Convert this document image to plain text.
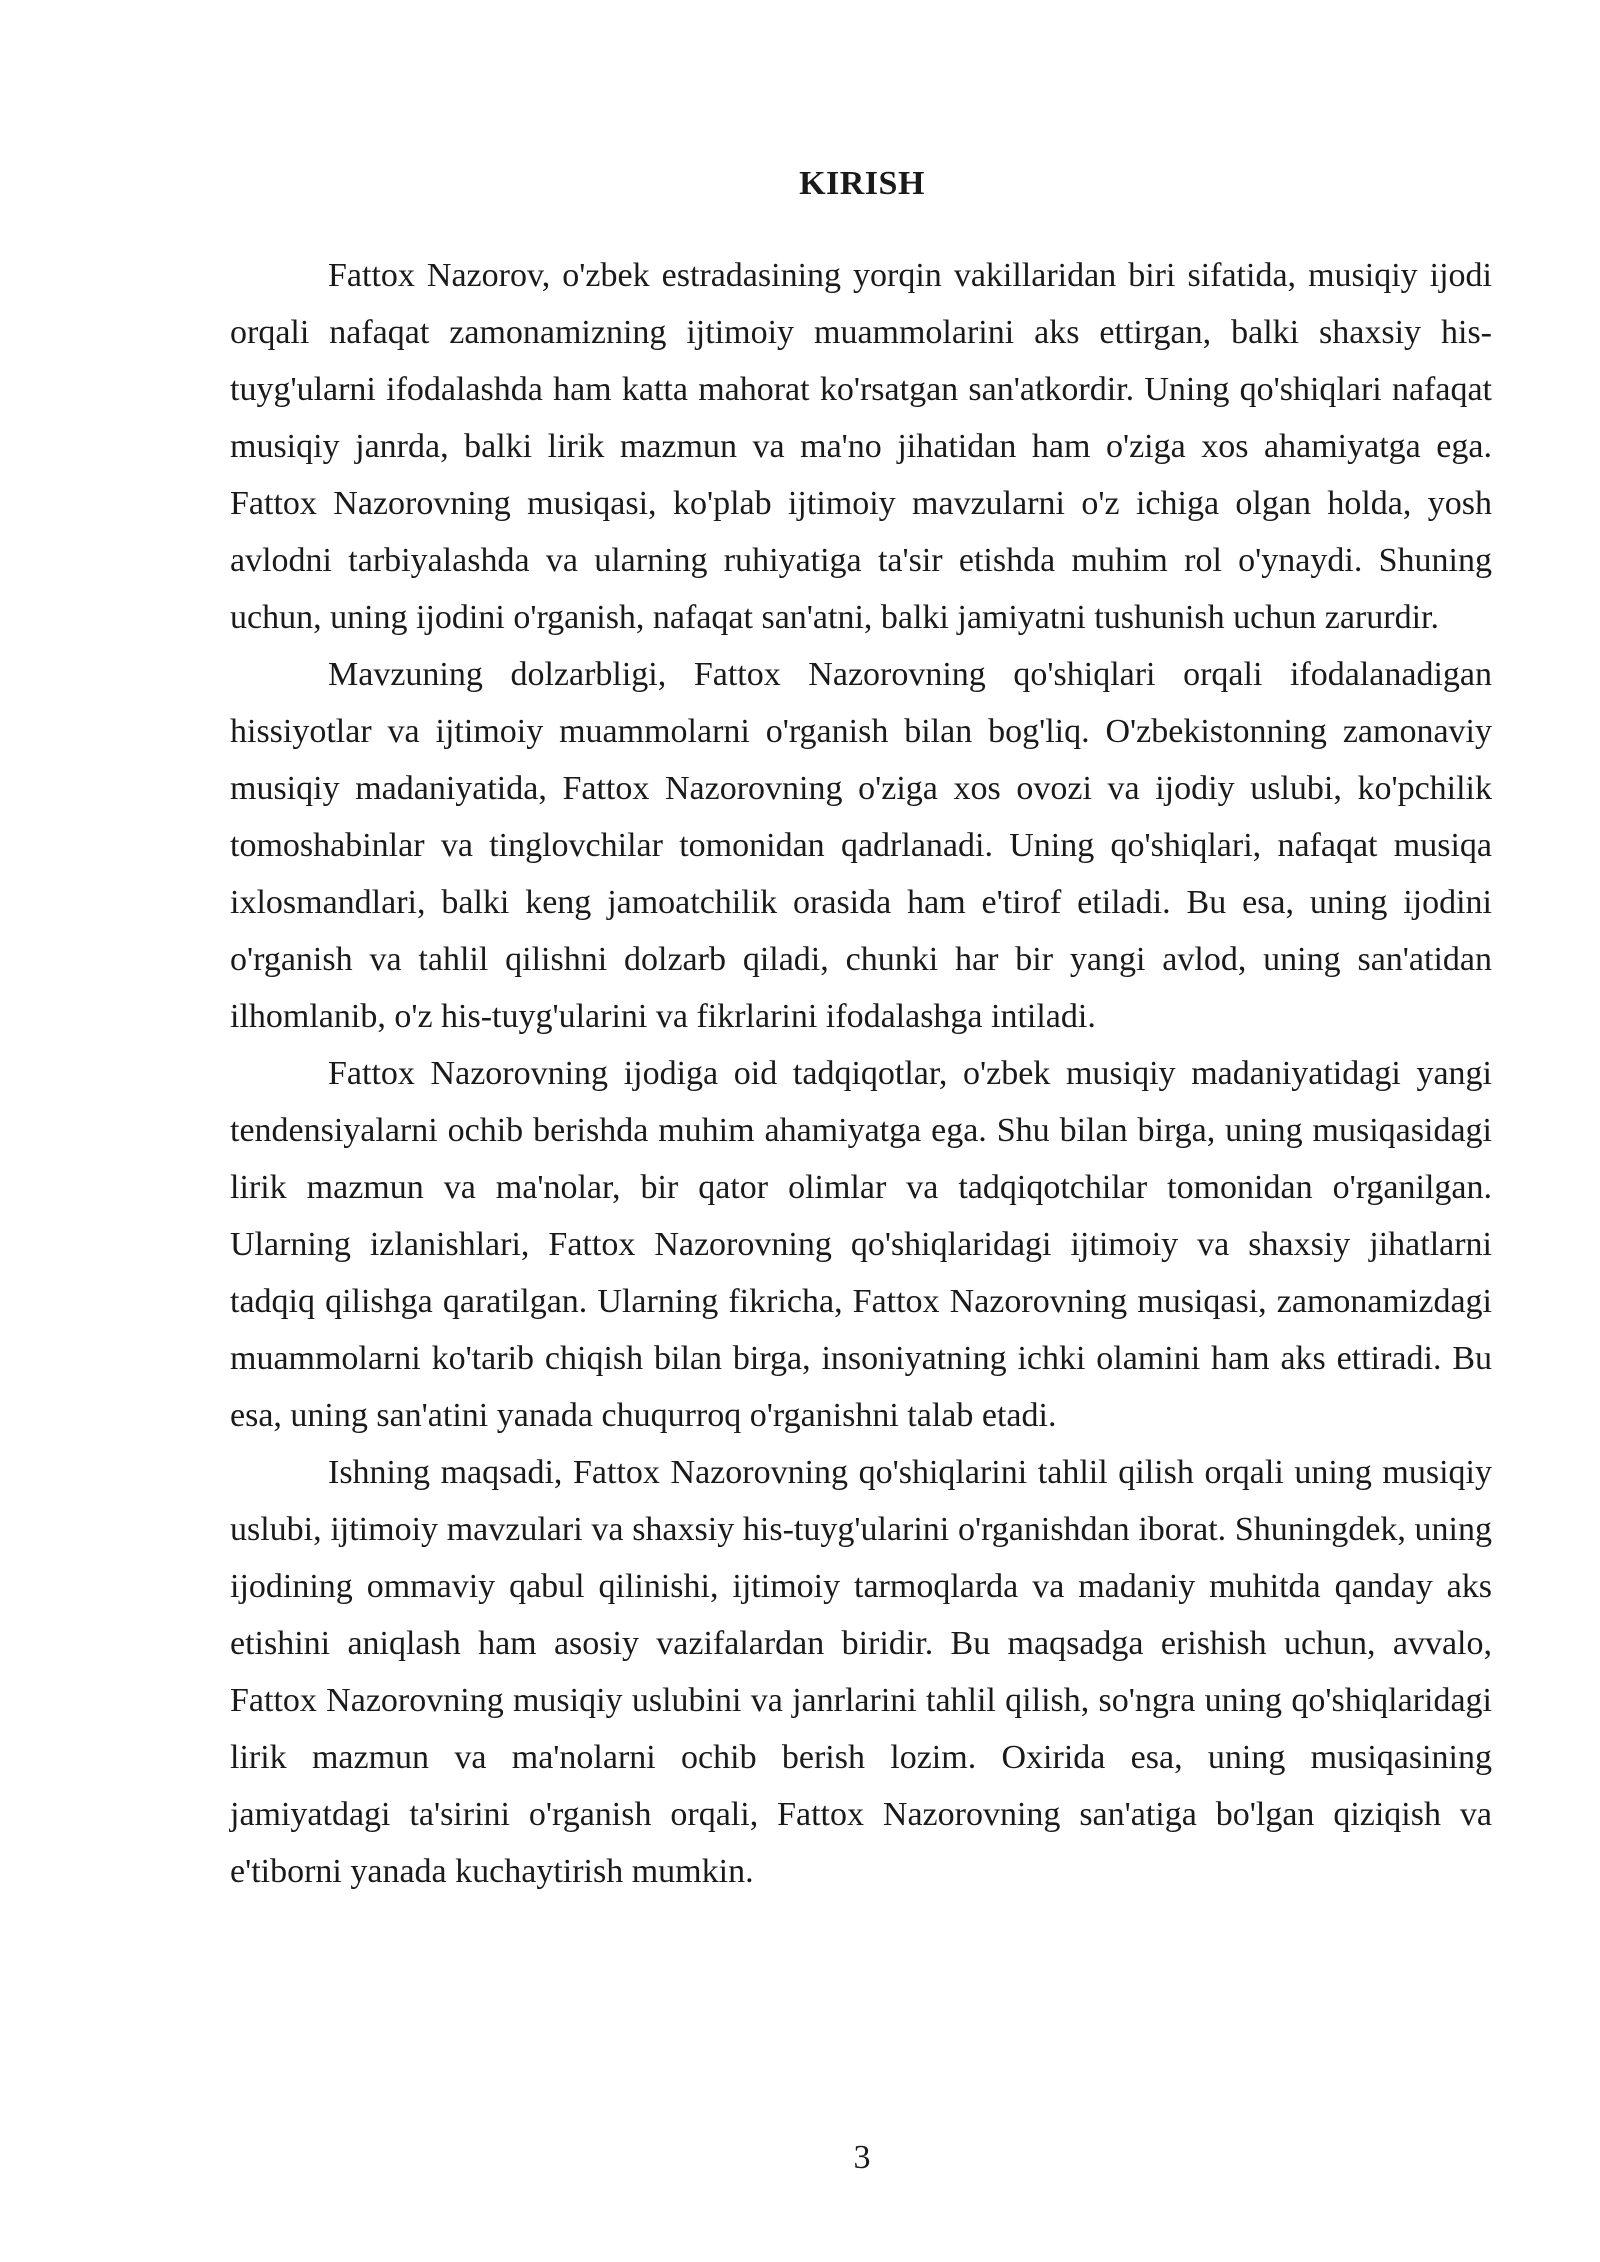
KIRISH

Fattox Nazorov, o'zbek estradasining yorqin vakillaridan biri sifatida, musiqiy ijodi orqali nafaqat zamonamizning ijtimoiy muammolarini aks ettirgan, balki shaxsiy his-tuyg'ularni ifodalashda ham katta mahorat ko'rsatgan san'atkordir. Uning qo'shiqlari nafaqat musiqiy janrda, balki lirik mazmun va ma'no jihatidan ham o'ziga xos ahamiyatga ega. Fattox Nazorovning musiqasi, ko'plab ijtimoiy mavzularni o'z ichiga olgan holda, yosh avlodni tarbiyalashda va ularning ruhiyatiga ta'sir etishda muhim rol o'ynaydi. Shuning uchun, uning ijodini o'rganish, nafaqat san'atni, balki jamiyatni tushunish uchun zarurdir.

Mavzuning dolzarbligi, Fattox Nazorovning qo'shiqlari orqali ifodalanadigan hissiyotlar va ijtimoiy muammolarni o'rganish bilan bog'liq. O'zbekistonning zamonaviy musiqiy madaniyatida, Fattox Nazorovning o'ziga xos ovozi va ijodiy uslubi, ko'pchilik tomoshabinlar va tinglovchilar tomonidan qadrlanadi. Uning qo'shiqlari, nafaqat musiqa ixlosmandlari, balki keng jamoatchilik orasida ham e'tirof etiladi. Bu esa, uning ijodini o'rganish va tahlil qilishni dolzarb qiladi, chunki har bir yangi avlod, uning san'atidan ilhomlanib, o'z his-tuyg'ularini va fikrlarini ifodalashga intiladi.

Fattox Nazorovning ijodiga oid tadqiqotlar, o'zbek musiqiy madaniyatidagi yangi tendensiyalarni ochib berishda muhim ahamiyatga ega. Shu bilan birga, uning musiqasidagi lirik mazmun va ma'nolar, bir qator olimlar va tadqiqotchilar tomonidan o'rganilgan. Ularning izlanishlari, Fattox Nazorovning qo'shiqlaridagi ijtimoiy va shaxsiy jihatlarni tadqiq qilishga qaratilgan. Ularning fikricha, Fattox Nazorovning musiqasi, zamonamizdagi muammolarni ko'tarib chiqish bilan birga, insoniyatning ichki olamini ham aks ettiradi. Bu esa, uning san'atini yanada chuqurroq o'rganishni talab etadi.

Ishning maqsadi, Fattox Nazorovning qo'shiqlarini tahlil qilish orqali uning musiqiy uslubi, ijtimoiy mavzulari va shaxsiy his-tuyg'ularini o'rganishdan iborat. Shuningdek, uning ijodining ommaviy qabul qilinishi, ijtimoiy tarmoqlarda va madaniy muhitda qanday aks etishini aniqlash ham asosiy vazifalardan biridir. Bu maqsadga erishish uchun, avvalo, Fattox Nazorovning musiqiy uslubini va janrlarini tahlil qilish, so'ngra uning qo'shiqlaridagi lirik mazmun va ma'nolarni ochib berish lozim. Oxirida esa, uning musiqasining jamiyatdagi ta'sirini o'rganish orqali, Fattox Nazorovning san'atiga bo'lgan qiziqish va e'tiborni yanada kuchaytirish mumkin.

3
